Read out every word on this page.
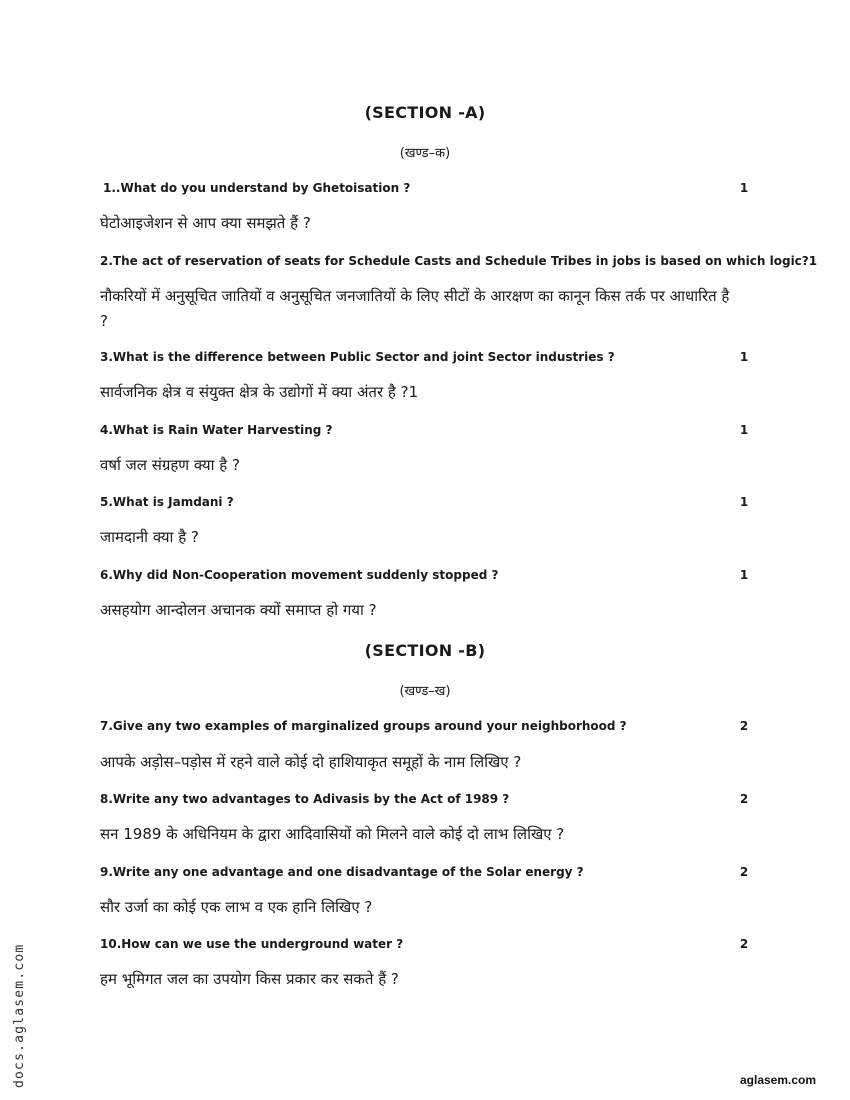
(SECTION -A)
(खण्ड–क)
1..What do you understand by Ghetoisation ?	1
घेटोआइजेशन से आप क्या समझते हैं ?
2.The act of reservation of seats for Schedule Casts and Schedule Tribes in jobs is based on which logic?1
नौकरियों में अनुसूचित जातियों व अनुसूचित जनजातियों के लिए सीटों के आरक्षण का कानून किस तर्क पर आधारित है ?
3.What is the difference between Public Sector and joint Sector industries ?	1
सार्वजनिक क्षेत्र व संयुक्त क्षेत्र के उद्योगों में क्या अंतर है ?1
4.What is Rain Water Harvesting ?	1
वर्षा जल संग्रहण क्या है ?
5.What is Jamdani ?	1
जामदानी क्या है ?
6.Why did Non-Cooperation movement suddenly stopped ?	1
असहयोग आन्दोलन अचानक क्यों समाप्त हो गया ?
(SECTION -B)
(खण्ड–ख)
7.Give any two examples of marginalized groups around your neighborhood ?	2
आपके अड़ोस–पड़ोस में रहने वाले कोई दो हाशियाकृत समूहों के नाम लिखिए ?
8.Write any two advantages to Adivasis by the Act of 1989 ?	2
सन 1989 के अधिनियम के द्वारा आदिवासियों को मिलने वाले कोई दो लाभ लिखिए ?
9.Write any one advantage and one disadvantage of the Solar energy ?	2
सौर उर्जा का कोई एक लाभ व एक हानि लिखिए ?
10.How can we use the underground water ?	2
हम भूमिगत जल का उपयोग किस प्रकार कर सकते हैं ?
docs.aglasem.com	aglasem.com
